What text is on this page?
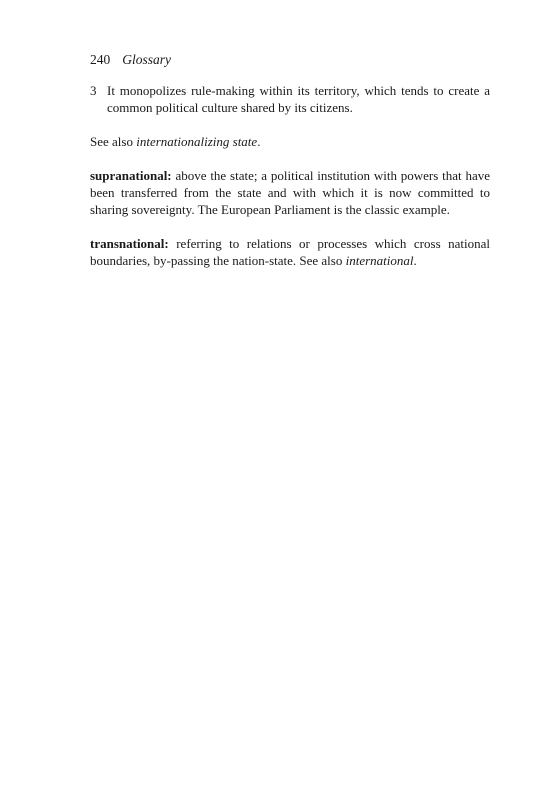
240 Glossary

3 It monopolizes rule-making within its territory, which tends to create a common political culture shared by its citizens.

See also internationalizing state.

supranational: above the state; a political institution with powers that have been transferred from the state and with which it is now committed to sharing sovereignty. The European Parliament is the classic example.

transnational: referring to relations or processes which cross national boundaries, by-passing the nation-state. See also international.
